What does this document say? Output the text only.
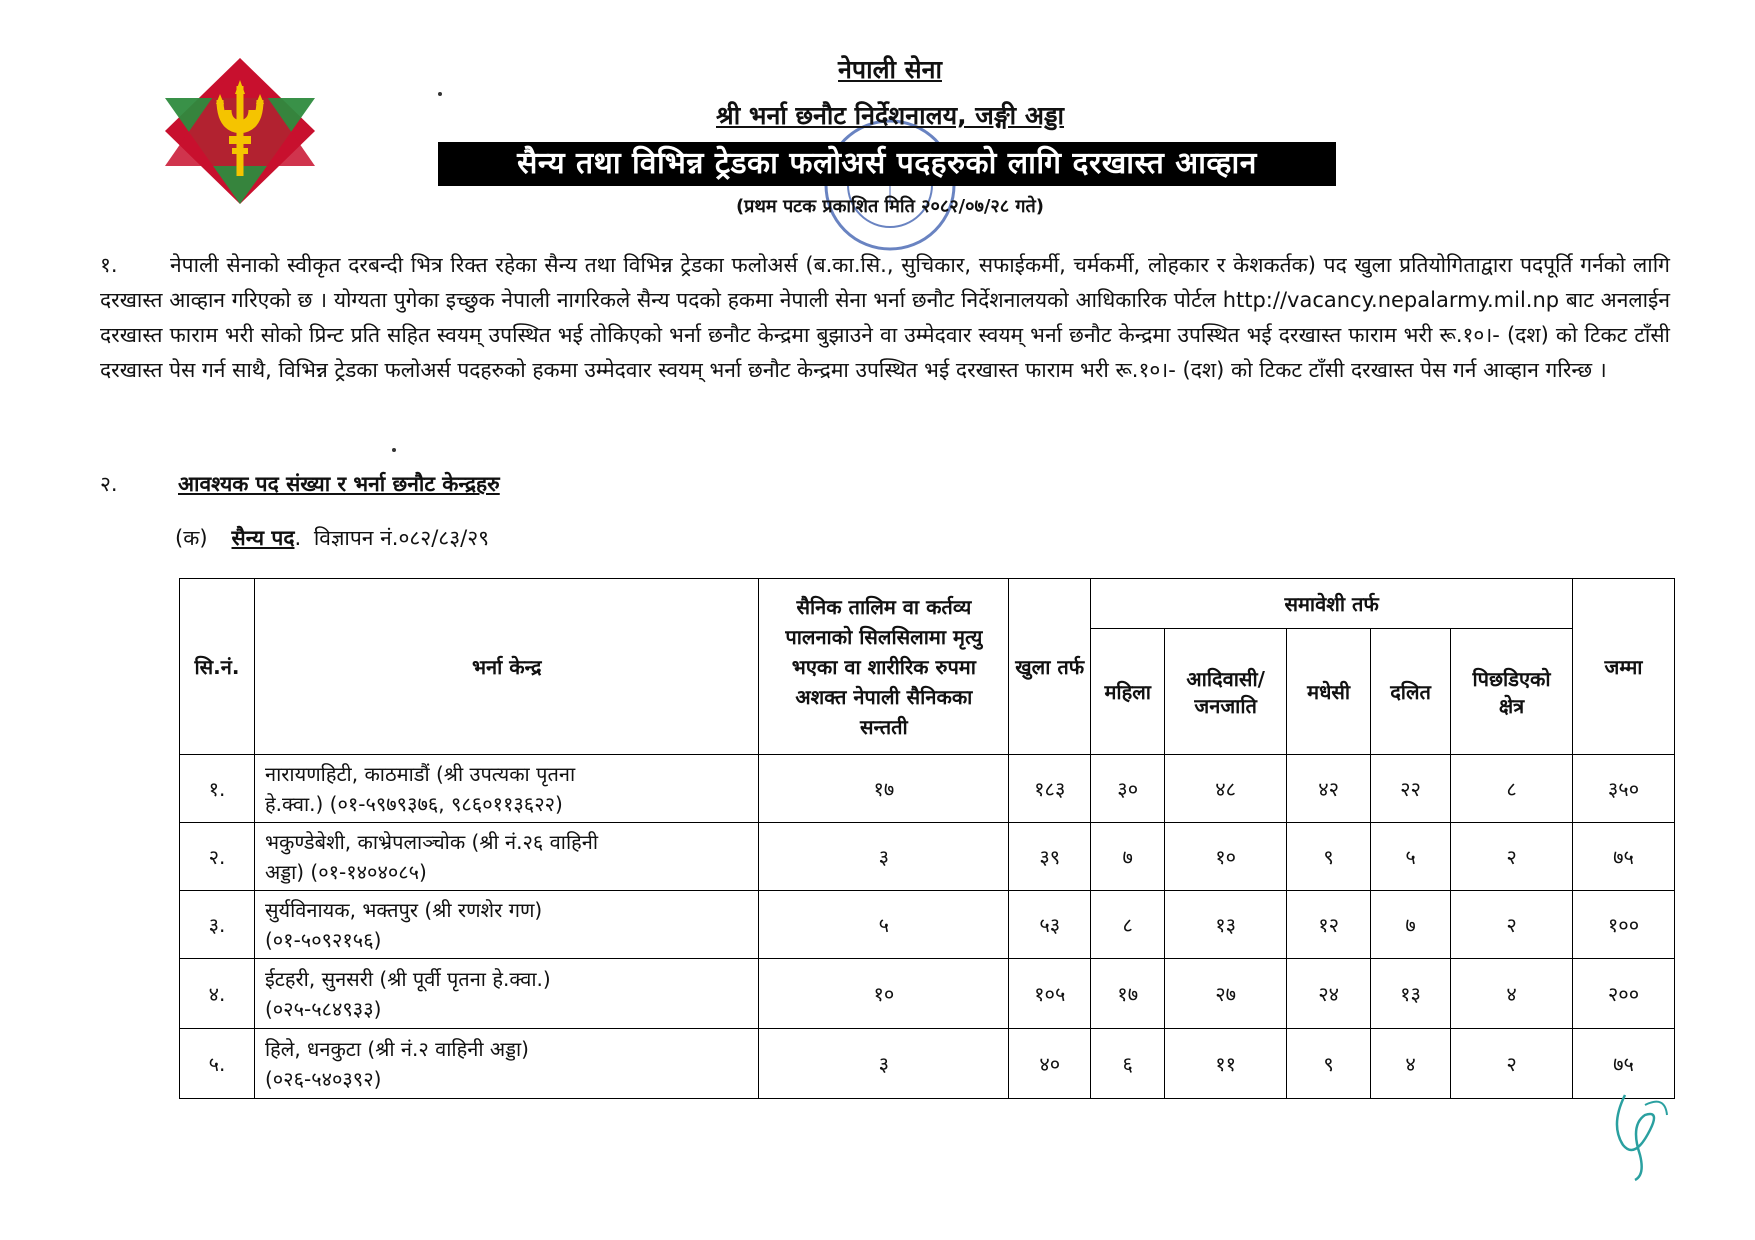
नेपाली सेना
श्री भर्ना छनौट निर्देशनालय, जङ्गी अड्डा
सैन्य तथा विभिन्न ट्रेडका फलोअर्स पदहरुको लागि दरखास्त आव्हान
(प्रथम पटक प्रकाशित मिति २०८२/०७/२८ गते)
१. नेपाली सेनाको स्वीकृत दरबन्दी भित्र रिक्त रहेका सैन्य तथा विभिन्न ट्रेडका फलोअर्स (ब.का.सि., सुचिकार, सफाईकर्मी, चर्मकर्मी, लोहकार र केशकर्तक) पद खुला प्रतियोगिताद्वारा पदपूर्ति गर्नको लागि दरखास्त आव्हान गरिएको छ । योग्यता पुगेका इच्छुक नेपाली नागरिकले सैन्य पदको हकमा नेपाली सेना भर्ना छनौट निर्देशनालयको आधिकारिक पोर्टल http://vacancy.nepalarmy.mil.np बाट अनलाईन दरखास्त फाराम भरी सोको प्रिन्ट प्रति सहित स्वयम् उपस्थित भई तोकिएको भर्ना छनौट केन्द्रमा बुझाउने वा उम्मेदवार स्वयम् भर्ना छनौट केन्द्रमा उपस्थित भई दरखास्त फाराम भरी रू.१०।- (दश) को टिकट टाँसी दरखास्त पेस गर्न साथै, विभिन्न ट्रेडका फलोअर्स पदहरुको हकमा उम्मेदवार स्वयम् भर्ना छनौट केन्द्रमा उपस्थित भई दरखास्त फाराम भरी रू.१०।- (दश) को टिकट टाँसी दरखास्त पेस गर्न आव्हान गरिन्छ ।
२.	आवश्यक पद संख्या र भर्ना छनौट केन्द्रहरु
(क) सैन्य पद. विज्ञापन नं.०८२/८३/२९
सि.नं.	भर्ना केन्द्र	सैनिक तालिम वा कर्तव्य पालनाको सिलसिलामा मृत्यु भएका वा शारीरिक रुपमा अशक्त नेपाली सैनिकका सन्तती	खुला तर्फ	समावेशी तर्फ					जम्मा
				महिला	आदिवासी/ जनजाति	मधेसी	दलित	पिछडिएको क्षेत्र	
१.	नारायणहिटी, काठमाडौं (श्री उपत्यका पृतना
हे.क्वा.) (०१-५९७९३७६, ९८६०११३६२२)	१७	१८३	३०	४८	४२	२२	८	३५०
२.	भकुण्डेबेशी, काभ्रेपलाञ्चोक (श्री नं.२६ वाहिनी
अड्डा) (०१-१४०४०८५)	३	३९	७	१०	९	५	२	७५
३.	सुर्यविनायक, भक्तपुर (श्री रणशेर गण)
(०१-५०९२१५६)	५	५३	८	१३	१२	७	२	१००
४.	ईटहरी, सुनसरी (श्री पूर्वी पृतना हे.क्वा.)
(०२५-५८४९३३)	१०	१०५	१७	२७	२४	१३	४	२००
५.	हिले, धनकुटा (श्री नं.२ वाहिनी अड्डा)
(०२६-५४०३९२)	३	४०	६	११	९	४	२	७५
